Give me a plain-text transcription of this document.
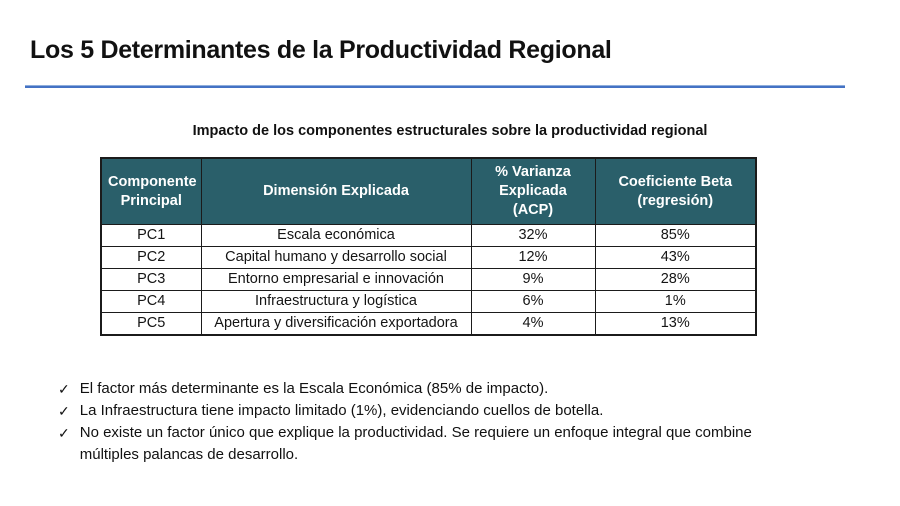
Los 5 Determinantes de la Productividad Regional
Impacto de los componentes estructurales sobre la productividad regional
Componente Principal	Dimensión Explicada	% Varianza Explicada (ACP)	Coeficiente Beta (regresión)
PC1	Escala económica	32%	85%
PC2	Capital humano y desarrollo social	12%	43%
PC3	Entorno empresarial e innovación	9%	28%
PC4	Infraestructura y logística	6%	1%
PC5	Apertura y diversificación exportadora	4%	13%
✓ El factor más determinante es la Escala Económica (85% de impacto).
✓ La Infraestructura tiene impacto limitado (1%), evidenciando cuellos de botella.
✓ No existe un factor único que explique la productividad. Se requiere un enfoque integral que combine múltiples palancas de desarrollo.
